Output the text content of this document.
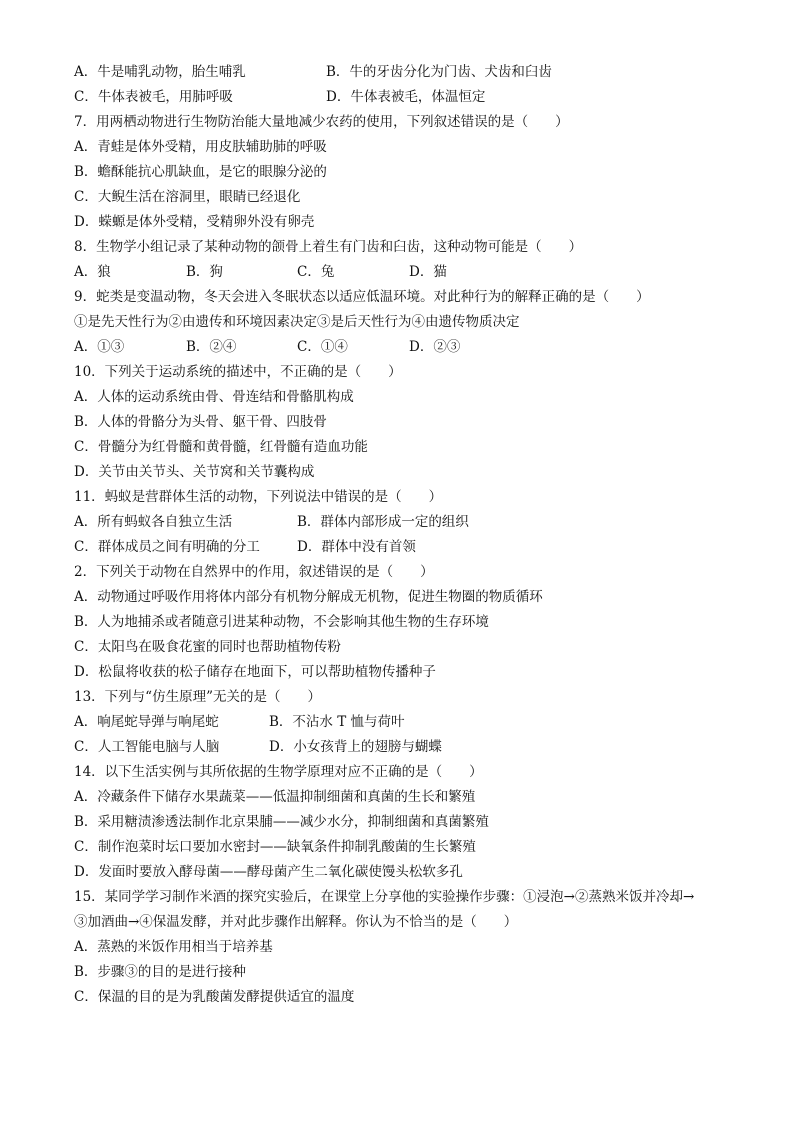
A．牛是哺乳动物，胎生哺乳	B．牛的牙齿分化为门齿、犬齿和臼齿
C．牛体表被毛，用肺呼吸	D．牛体表被毛，体温恒定
7．用两栖动物进行生物防治能大量地减少农药的使用，下列叙述错误的是（　　）
A．青蛙是体外受精，用皮肤辅助肺的呼吸
B．蟾酥能抗心肌缺血，是它的眼腺分泌的
C．大鲵生活在溶洞里，眼睛已经退化
D．蝾螈是体外受精，受精卵外没有卵壳
8．生物学小组记录了某种动物的颌骨上着生有门齿和臼齿，这种动物可能是（　　）
A．狼	B．狗	C．兔	D．猫
9．蛇类是变温动物，冬天会进入冬眠状态以适应低温环境。对此种行为的解释正确的是（　　）
①是先天性行为②由遗传和环境因素决定③是后天性行为④由遗传物质决定
A．①③	B．②④	C．①④	D．②③
10．下列关于运动系统的描述中，不正确的是（　　）
A．人体的运动系统由骨、骨连结和骨骼肌构成
B．人体的骨骼分为头骨、躯干骨、四肢骨
C．骨髓分为红骨髓和黄骨髓，红骨髓有造血功能
D．关节由关节头、关节窝和关节囊构成
11．蚂蚁是营群体生活的动物，下列说法中错误的是（　　）
A．所有蚂蚁各自独立生活	B．群体内部形成一定的组织
C．群体成员之间有明确的分工	D．群体中没有首领
2．下列关于动物在自然界中的作用，叙述错误的是（　　）
A．动物通过呼吸作用将体内部分有机物分解成无机物，促进生物圈的物质循环
B．人为地捕杀或者随意引进某种动物，不会影响其他生物的生存环境
C．太阳鸟在吸食花蜜的同时也帮助植物传粉
D．松鼠将收获的松子储存在地面下，可以帮助植物传播种子
13．下列与“仿生原理”无关的是（　　）
A．响尾蛇导弹与响尾蛇	B．不沾水 T 恤与荷叶
C．人工智能电脑与人脑	D．小女孩背上的翅膀与蝴蝶
14．以下生活实例与其所依据的生物学原理对应不正确的是（　　）
A．冷藏条件下储存水果蔬菜——低温抑制细菌和真菌的生长和繁殖
B．采用糖渍渗透法制作北京果脯——减少水分，抑制细菌和真菌繁殖
C．制作泡菜时坛口要加水密封——缺氧条件抑制乳酸菌的生长繁殖
D．发面时要放入酵母菌——酵母菌产生二氧化碳使馒头松软多孔
15．某同学学习制作米酒的探究实验后，在课堂上分享他的实验操作步骤：①浸泡→②蒸熟米饭并冷却→
③加酒曲→④保温发酵，并对此步骤作出解释。你认为不恰当的是（　　）
A．蒸熟的米饭作用相当于培养基
B．步骤③的目的是进行接种
C．保温的目的是为乳酸菌发酵提供适宜的温度
